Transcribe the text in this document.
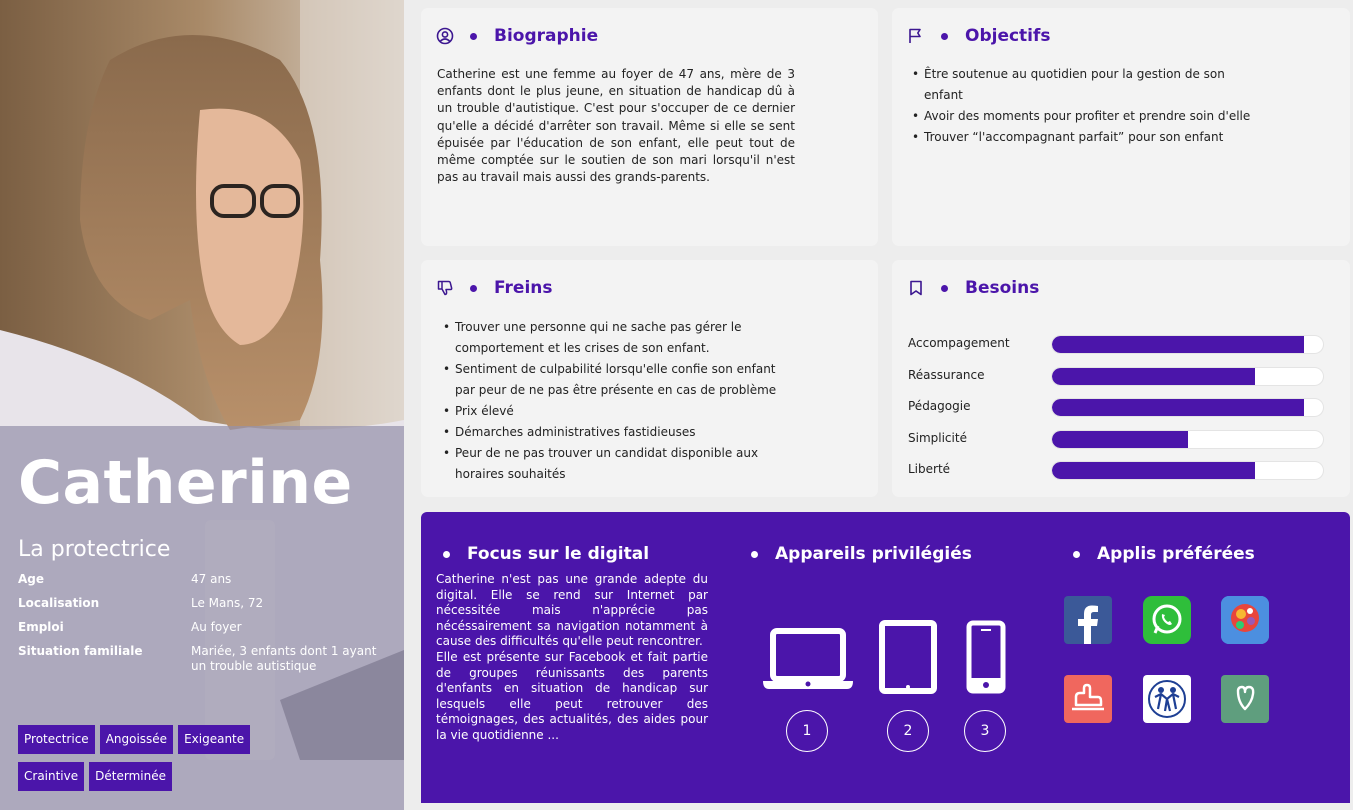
Catherine
La protectrice
Age	47 ans
Localisation	Le Mans, 72
Emploi	Au foyer
Situation familiale	Mariée, 3 enfants dont 1 ayant un trouble autistique
Protectrice	Angoissée	Exigeante
Craintive	Déterminée
Biographie

Catherine est une femme au foyer de 47 ans, mère de 3 enfants dont le plus jeune, en situation de handicap dû à un trouble d'autistique. C'est pour s'occuper de ce dernier qu'elle a décidé d'arrêter son travail. Même si elle se sent épuisée par l'éducation de son enfant, elle peut tout de même comptée sur le soutien de son mari lorsqu'il n'est pas au travail mais aussi des grands-parents.

Objectifs
• Être soutenue au quotidien pour la gestion de son enfant
• Avoir des moments pour profiter et prendre soin d'elle
• Trouver “l'accompagnant parfait” pour son enfant
Freins
• Trouver une personne qui ne sache pas gérer le comportement et les crises de son enfant.
• Sentiment de culpabilité lorsqu'elle confie son enfant par peur de ne pas être présente en cas de problème
• Prix élevé
• Démarches administratives fastidieuses
• Peur de ne pas trouver un candidat disponible aux horaires souhaités
Besoins
Accompagement
Réassurance
Pédagogie
Simplicité
Liberté
Focus sur le digital

Catherine n'est pas une grande adepte du digital. Elle se rend sur Internet par nécessitée mais n'apprécie pas nécéssairement sa navigation notamment à cause des difficultés qu'elle peut rencontrer.

Elle est présente sur Facebook et fait partie de groupes réunissants des parents d'enfants en situation de handicap sur lesquels elle peut retrouver des témoignages, des actualités, des aides pour la vie quotidienne ...

Appareils privilégiés
1	2	3
Applis préférées
